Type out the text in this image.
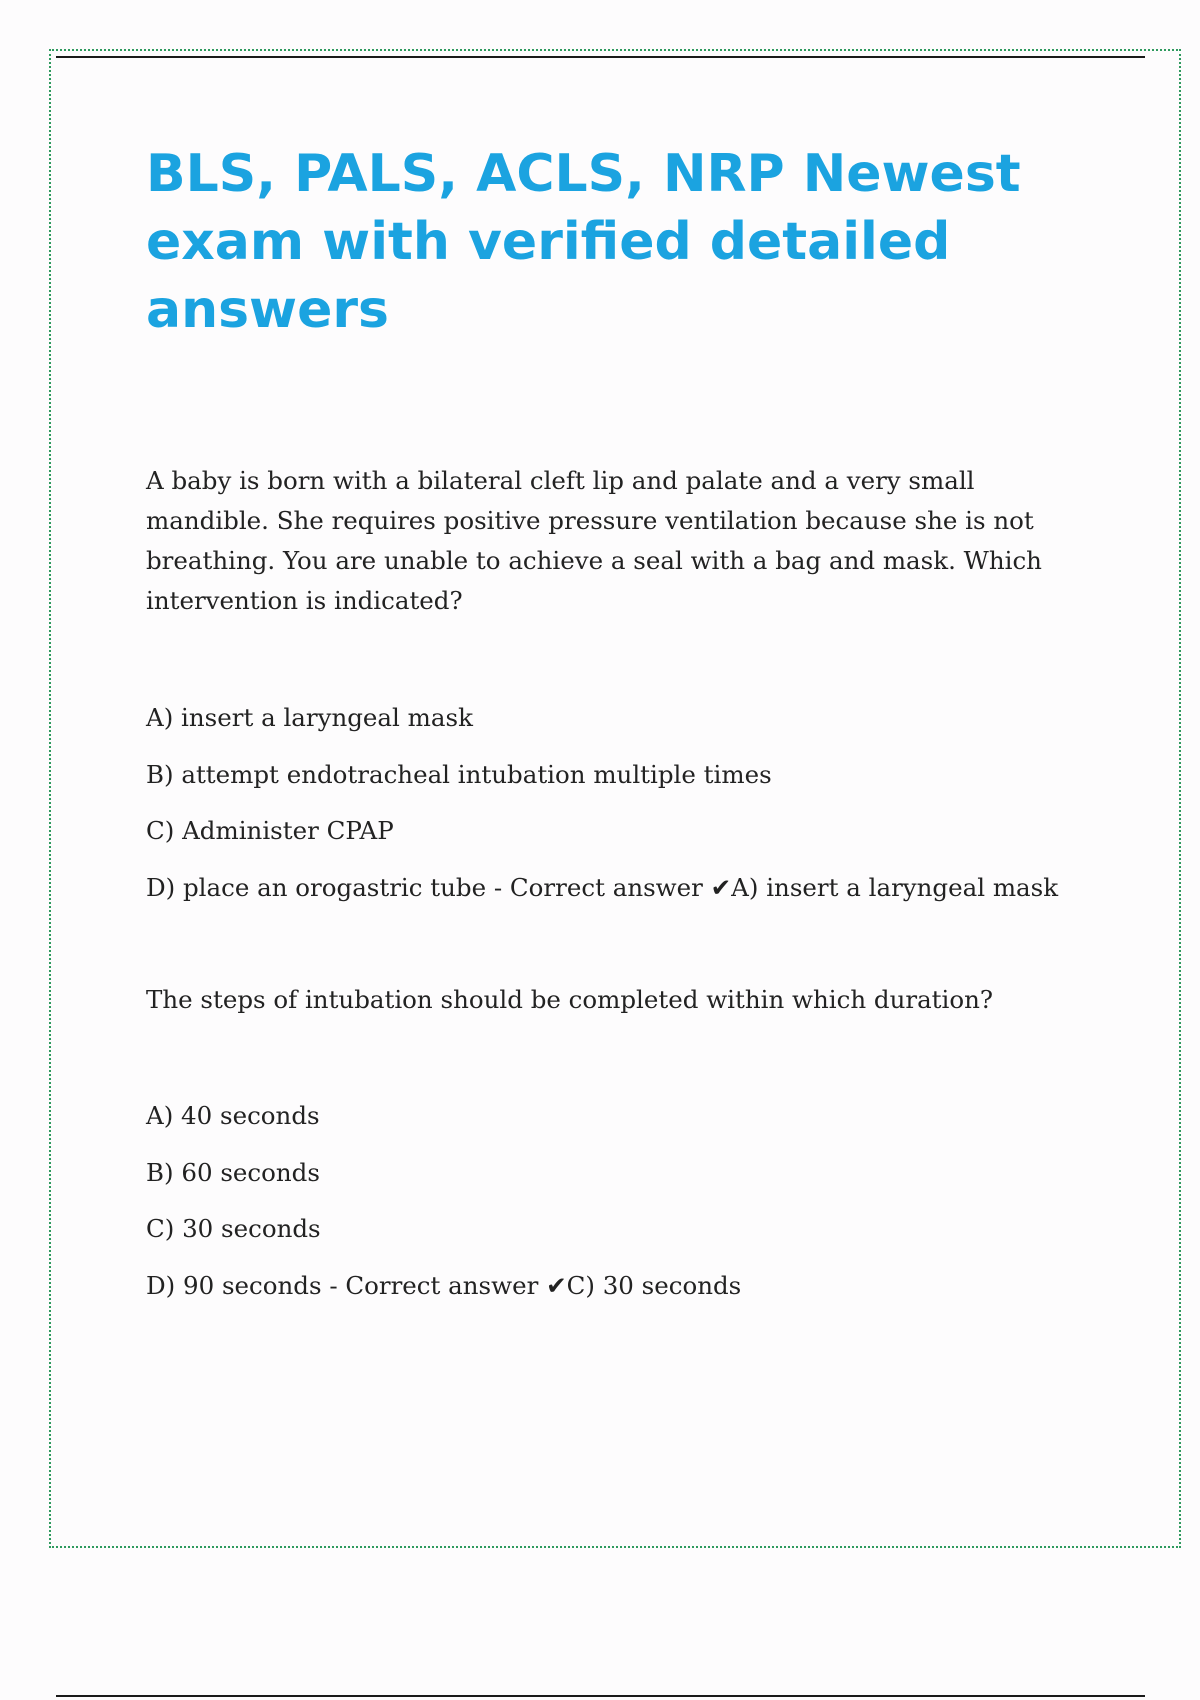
BLS, PALS, ACLS, NRP Newest exam with verified detailed answers

A baby is born with a bilateral cleft lip and palate and a very small mandible. She requires positive pressure ventilation because she is not breathing. You are unable to achieve a seal with a bag and mask. Which intervention is indicated?

A) insert a laryngeal mask
B) attempt endotracheal intubation multiple times
C) Administer CPAP
D) place an orogastric tube - Correct answer ✔A) insert a laryngeal mask

The steps of intubation should be completed within which duration?

A) 40 seconds
B) 60 seconds
C) 30 seconds
D) 90 seconds - Correct answer ✔C) 30 seconds
